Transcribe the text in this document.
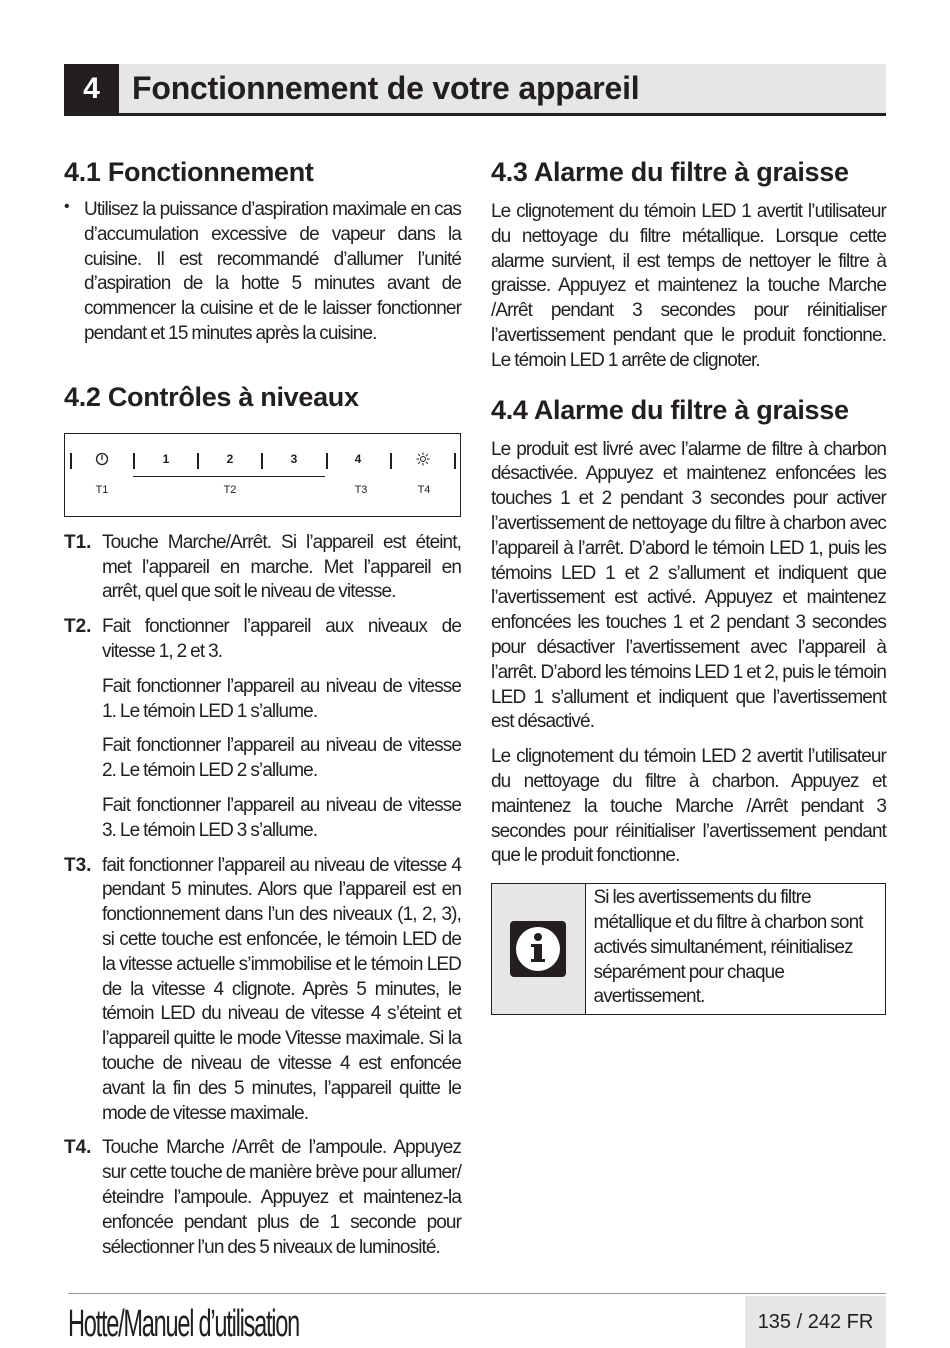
4	Fonctionnement de votre appareil
4.1 Fonctionnement
• Utilisez la puissance d’aspiration maximale en cas d’accumulation excessive de vapeur dans la cuisine. Il est recommandé d’allumer l’unité d’aspiration de la hotte 5 minutes avant de commencer la cuisine et de le laisser fonctionner pendant et 15 minutes après la cuisine.

4.2 Contrôles à niveaux
1	2	3	4
T1	T2	T3	T4
T1. Touche Marche/Arrêt. Si l’appareil est éteint, met l’appareil en marche. Met l’appareil en arrêt, quel que soit le niveau de vitesse.

T2. Fait fonctionner l’appareil aux niveaux de vitesse 1, 2 et 3.

Fait fonctionner l’appareil au niveau de vitesse 1. Le témoin LED 1 s’allume.

Fait fonctionner l’appareil au niveau de vitesse 2. Le témoin LED 2 s’allume.

Fait fonctionner l’appareil au niveau de vitesse 3. Le témoin LED 3 s’allume.

T3. fait fonctionner l’appareil au niveau de vitesse 4 pendant 5 minutes. Alors que l’appareil est en fonctionnement dans l’un des niveaux (1, 2, 3), si cette touche est enfoncée, le témoin LED de la vitesse actuelle s’immobilise et le témoin LED de la vitesse 4 clignote. Après 5 minutes, le témoin LED du niveau de vitesse 4 s’éteint et l’appareil quitte le mode Vitesse maximale. Si la touche de niveau de vitesse 4 est enfoncée avant la fin des 5 minutes, l’appareil quitte le mode de vitesse maximale.

T4. Touche Marche /Arrêt de l’ampoule. Appuyez sur cette touche de manière brève pour allumer/éteindre l’ampoule. Appuyez et maintenez-la enfoncée pendant plus de 1 seconde pour sélectionner l’un des 5 niveaux de luminosité.

4.3 Alarme du filtre à graisse

Le clignotement du témoin LED 1 avertit l’utilisateur du nettoyage du filtre métallique. Lorsque cette alarme survient, il est temps de nettoyer le filtre à graisse. Appuyez et maintenez la touche Marche /Arrêt pendant 3 secondes pour réinitialiser l’avertissement pendant que le produit fonctionne. Le témoin LED 1 arrête de clignoter.

4.4 Alarme du filtre à graisse

Le produit est livré avec l’alarme de filtre à charbon désactivée. Appuyez et maintenez enfoncées les touches 1 et 2 pendant 3 secondes pour activer l’avertissement de nettoyage du filtre à charbon avec l’appareil à l’arrêt. D’abord le témoin LED 1, puis les témoins LED 1 et 2 s’allument et indiquent que l’avertissement est activé. Appuyez et maintenez enfoncées les touches 1 et 2 pendant 3 secondes pour désactiver l’avertissement avec l’appareil à l’arrêt. D’abord les témoins LED 1 et 2, puis le témoin LED 1 s’allument et indiquent que l’avertissement est désactivé.

Le clignotement du témoin LED 2 avertit l’utilisateur du nettoyage du filtre à charbon. Appuyez et maintenez la touche Marche /Arrêt pendant 3 secondes pour réinitialiser l’avertissement pendant que le produit fonctionne.

Si les avertissements du filtre métallique et du filtre à charbon sont activés simultanément, réinitialisez séparément pour chaque avertissement.

Hotte/Manuel d’utilisation	135 / 242 FR
